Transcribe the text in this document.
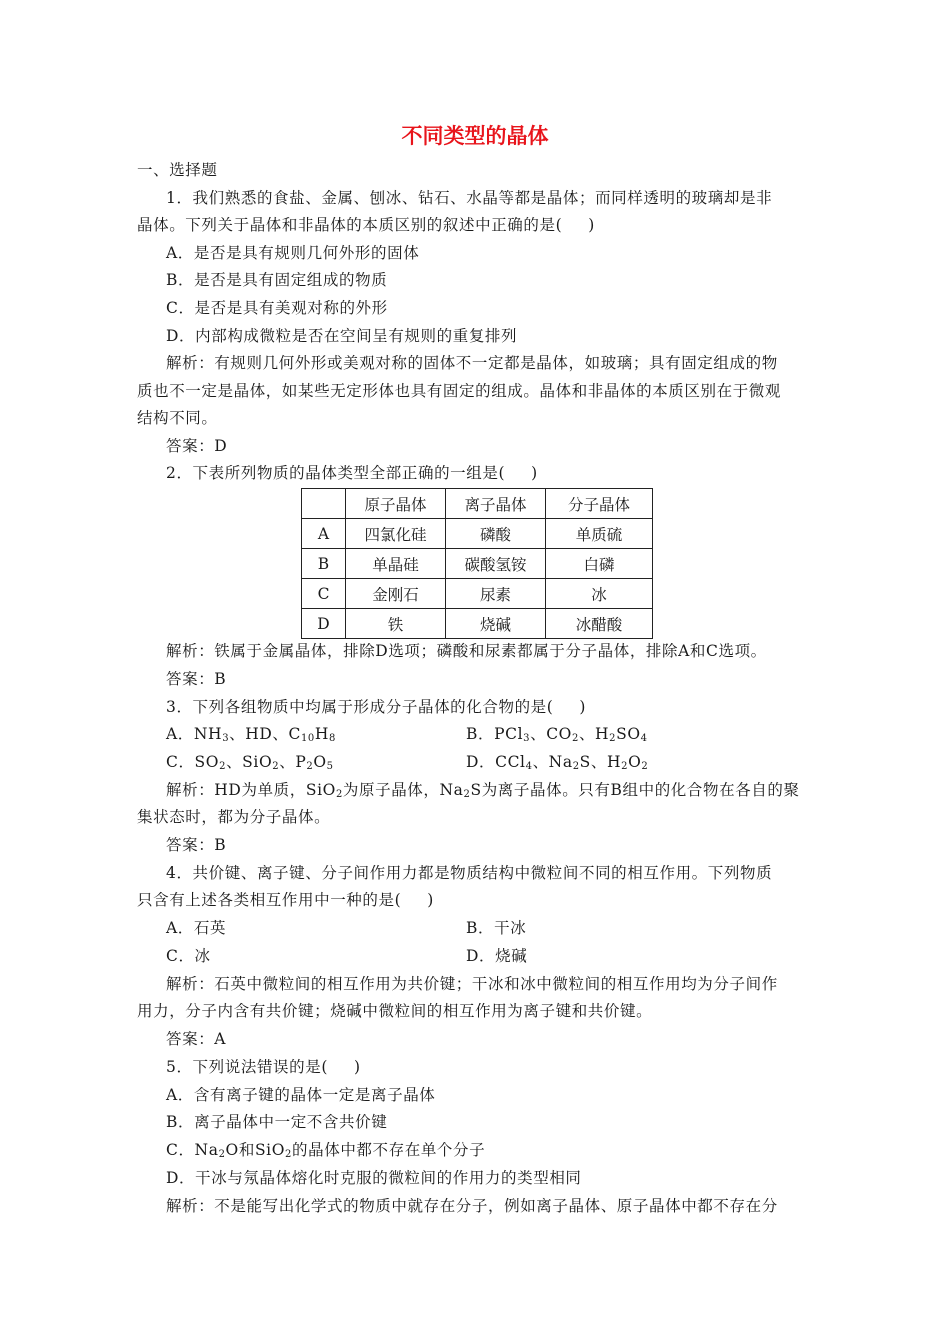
不同类型的晶体
一、选择题
1．我们熟悉的食盐、金属、刨冰、钻石、水晶等都是晶体；而同样透明的玻璃却是非
晶体。下列关于晶体和非晶体的本质区别的叙述中正确的是( )
A．是否是具有规则几何外形的固体
B．是否是具有固定组成的物质
C．是否是具有美观对称的外形
D．内部构成微粒是否在空间呈有规则的重复排列
解析：有规则几何外形或美观对称的固体不一定都是晶体，如玻璃；具有固定组成的物
质也不一定是晶体，如某些无定形体也具有固定的组成。晶体和非晶体的本质区别在于微观
结构不同。
答案：D
2．下表所列物质的晶体类型全部正确的一组是( )
	原子晶体	离子晶体	分子晶体
A	四氯化硅	磷酸	单质硫
B	单晶硅	碳酸氢铵	白磷
C	金刚石	尿素	冰
D	铁	烧碱	冰醋酸
解析：铁属于金属晶体，排除D选项；磷酸和尿素都属于分子晶体，排除A和C选项。
答案：B
3．下列各组物质中均属于形成分子晶体的化合物的是( )
A．$NH_3$、HD、$C_{10}H_8$	B．PCl$_3$、$CO_2$、$H_2SO_4$
C．$SO_2$、SiO$_2$、$P_2O_5$	D．CCl$_4$、$Na_2S$、$H_2O_2$
解析：HD为单质，SiO$_2$为原子晶体，$Na_2S$为离子晶体。只有B组中的化合物在各自的聚
集状态时，都为分子晶体。
答案：B
4．共价键、离子键、分子间作用力都是物质结构中微粒间不同的相互作用。下列物质
只含有上述各类相互作用中一种的是( )
A．石英	B．干冰
C．冰	D．烧碱
解析：石英中微粒间的相互作用为共价键；干冰和冰中微粒间的相互作用均为分子间作
用力，分子内含有共价键；烧碱中微粒间的相互作用为离子键和共价键。
答案：A
5．下列说法错误的是( )
A．含有离子键的晶体一定是离子晶体
B．离子晶体中一定不含共价键
C．$Na_2O$和SiO$_2$的晶体中都不存在单个分子
D．干冰与氖晶体熔化时克服的微粒间的作用力的类型相同
解析：不是能写出化学式的物质中就存在分子，例如离子晶体、原子晶体中都不存在分
